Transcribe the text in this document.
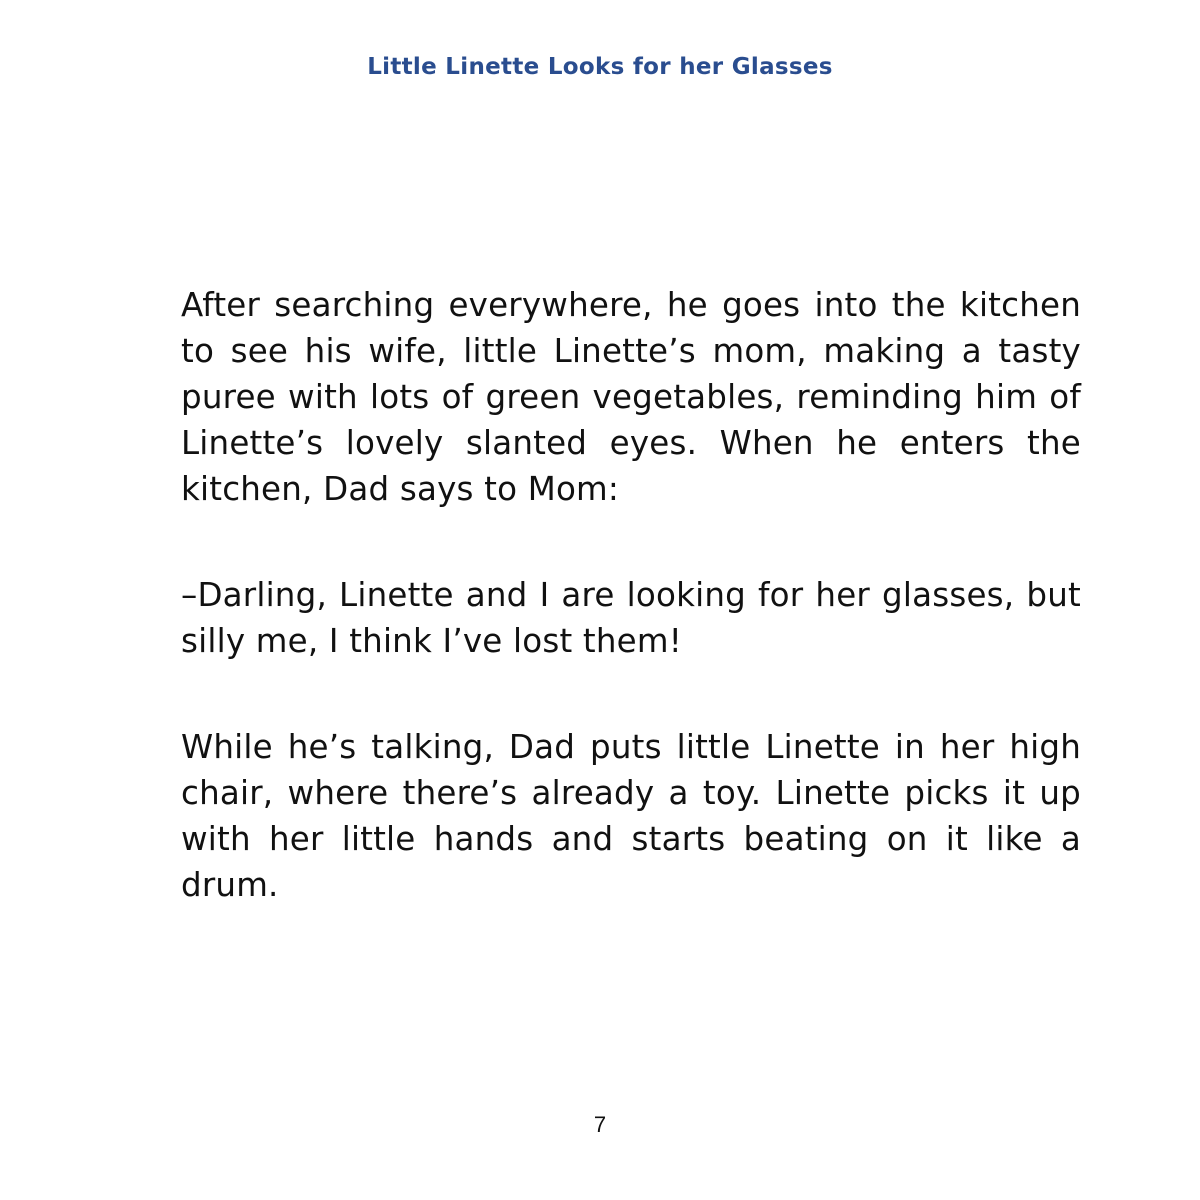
Little Linette Looks for her Glasses

After searching everywhere, he goes into the kitchen to see his wife, little Linette’s mom, making a tasty puree with lots of green vegetables, reminding him of Linette’s lovely slanted eyes. When he enters the kitchen, Dad says to Mom:

–Darling, Linette and I are looking for her glasses, but silly me, I think I’ve lost them!

While he’s talking, Dad puts little Linette in her high chair, where there’s already a toy. Linette picks it up with her little hands and starts beating on it like a drum.

7
